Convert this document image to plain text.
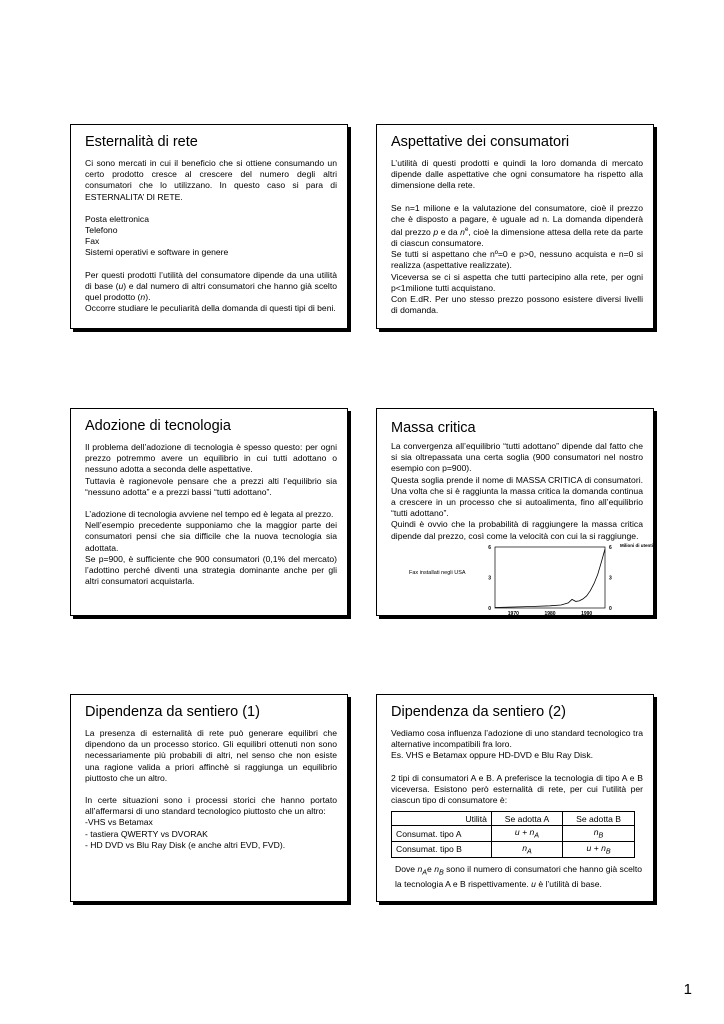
Esternalità di rete

Ci sono mercati in cui il beneficio che si ottiene consumando un certo prodotto cresce al crescere del numero degli altri consumatori che lo utilizzano. In questo caso si para di ESTERNALITA’ DI RETE.

Posta elettronica

Telefono

Fax

Sistemi operativi e software in genere

Per questi prodotti l’utilità del consumatore dipende da una utilità di base (u) e dal numero di altri consumatori che hanno già scelto quel prodotto (n).

Occorre studiare le peculiarità della domanda di questi tipi di beni.

Aspettative dei consumatori

L’utilità di questi prodotti e quindi la loro domanda di mercato dipende dalle aspettative che ogni consumatore ha rispetto alla dimensione della rete.

Se n=1 milione e la valutazione del consumatore, cioè il prezzo che è disposto a pagare, è uguale ad n. La domanda dipenderà dal prezzo p e da $n^e$, cioè la dimensione attesa della rete da parte di ciascun consumatore.

Se tutti si aspettano che nº=0 e p>0, nessuno acquista e n=0 si realizza (aspettative realizzate).

Viceversa se ci si aspetta che tutti partecipino alla rete, per ogni p<1milione tutti acquistano.

Con E.dR. Per uno stesso prezzo possono esistere diversi livelli di domanda.

Adozione di tecnologia

Il problema dell’adozione di tecnologia è spesso questo: per ogni prezzo potremmo avere un equilibrio in cui tutti adottano o nessuno adotta a seconda delle aspettative.

Tuttavia è ragionevole pensare che a prezzi alti l’equilibrio sia “nessuno adotta” e a prezzi bassi “tutti adottano”.

L’adozione di tecnologia avviene nel tempo ed è legata al prezzo.

Nell’esempio precedente supponiamo che la maggior parte dei consumatori pensi che sia difficile che la nuova tecnologia sia adottata.

Se p=900, è sufficiente che 900 consumatori (0,1% del mercato) l’adottino perché diventi una strategia dominante anche per gli altri consumatori acquistarla.

Massa critica

La convergenza all’equilibrio “tutti adottano” dipende dal fatto che si sia oltrepassata una certa soglia (900 consumatori nel nostro esempio con p=900).

Questa soglia prende il nome di MASSA CRITICA di consumatori. Una volta che si è raggiunta la massa critica la domanda continua a crescere in un processo che si autoalimenta, fino all’equilibrio “tutti adottano”.

Quindi è ovvio che la probabilità di raggiungere la massa critica dipende dal prezzo, così come la velocità con cui la si raggiunge.

Fax installati negli USA
Milioni di utenti
6
3
0
6
3
0
1970	1980	1990
Dipendenza da sentiero (1)

La presenza di esternalità di rete può generare equilibri che dipendono da un processo storico. Gli equilibri ottenuti non sono necessariamente più probabili di altri, nel senso che non esiste una ragione valida a priori affinchè si raggiunga un equilibrio piuttosto che un altro.

In certe situazioni sono i processi storici che hanno portato all’affermarsi di uno standard tecnologico piuttosto che un altro:

-VHS vs Betamax

- tastiera QWERTY vs DVORAK

- HD DVD vs Blu Ray Disk (e anche altri EVD, FVD).

Dipendenza da sentiero (2)

Vediamo cosa influenza l’adozione di uno standard tecnologico tra alternative incompatibili fra loro.

Es. VHS e Betamax oppure HD-DVD e Blu Ray Disk.

2 tipi di consumatori A e B. A preferisce la tecnologia di tipo A e B viceversa. Esistono però esternalità di rete, per cui l’utilità per ciascun tipo di consumatore è:

Utilità	Se adotta A	Se adotta B
Consumat. tipo A	$u + n_A$	$n_B$
Consumat. tipo B	$n_A$	$u + n_B$
Dove $n_Ae$ $n_B$ sono il numero di consumatori che hanno già scelto la tecnologia A e B rispettivamente. u è l’utilità di base.
1
